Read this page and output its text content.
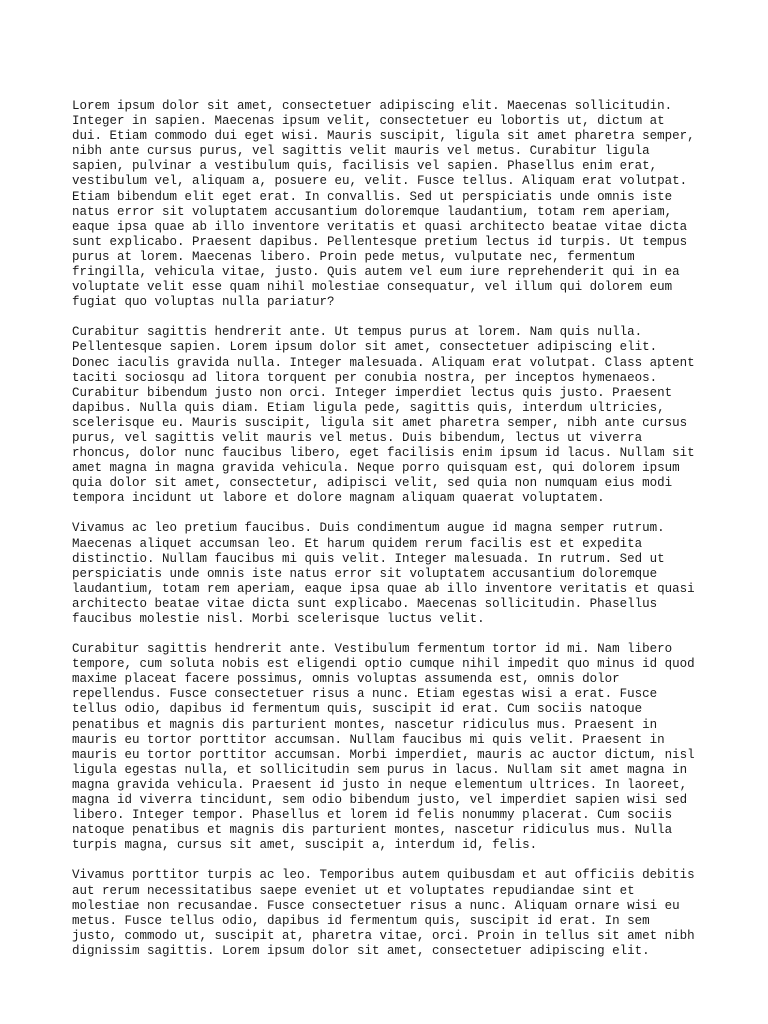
Lorem ipsum dolor sit amet, consectetuer adipiscing elit. Maecenas sollicitudin.
Integer in sapien. Maecenas ipsum velit, consectetuer eu lobortis ut, dictum at
dui. Etiam commodo dui eget wisi. Mauris suscipit, ligula sit amet pharetra semper,
nibh ante cursus purus, vel sagittis velit mauris vel metus. Curabitur ligula
sapien, pulvinar a vestibulum quis, facilisis vel sapien. Phasellus enim erat,
vestibulum vel, aliquam a, posuere eu, velit. Fusce tellus. Aliquam erat volutpat.
Etiam bibendum elit eget erat. In convallis. Sed ut perspiciatis unde omnis iste
natus error sit voluptatem accusantium doloremque laudantium, totam rem aperiam,
eaque ipsa quae ab illo inventore veritatis et quasi architecto beatae vitae dicta
sunt explicabo. Praesent dapibus. Pellentesque pretium lectus id turpis. Ut tempus
purus at lorem. Maecenas libero. Proin pede metus, vulputate nec, fermentum
fringilla, vehicula vitae, justo. Quis autem vel eum iure reprehenderit qui in ea
voluptate velit esse quam nihil molestiae consequatur, vel illum qui dolorem eum
fugiat quo voluptas nulla pariatur?

Curabitur sagittis hendrerit ante. Ut tempus purus at lorem. Nam quis nulla.
Pellentesque sapien. Lorem ipsum dolor sit amet, consectetuer adipiscing elit.
Donec iaculis gravida nulla. Integer malesuada. Aliquam erat volutpat. Class aptent
taciti sociosqu ad litora torquent per conubia nostra, per inceptos hymenaeos.
Curabitur bibendum justo non orci. Integer imperdiet lectus quis justo. Praesent
dapibus. Nulla quis diam. Etiam ligula pede, sagittis quis, interdum ultricies,
scelerisque eu. Mauris suscipit, ligula sit amet pharetra semper, nibh ante cursus
purus, vel sagittis velit mauris vel metus. Duis bibendum, lectus ut viverra
rhoncus, dolor nunc faucibus libero, eget facilisis enim ipsum id lacus. Nullam sit
amet magna in magna gravida vehicula. Neque porro quisquam est, qui dolorem ipsum
quia dolor sit amet, consectetur, adipisci velit, sed quia non numquam eius modi
tempora incidunt ut labore et dolore magnam aliquam quaerat voluptatem.

Vivamus ac leo pretium faucibus. Duis condimentum augue id magna semper rutrum.
Maecenas aliquet accumsan leo. Et harum quidem rerum facilis est et expedita
distinctio. Nullam faucibus mi quis velit. Integer malesuada. In rutrum. Sed ut
perspiciatis unde omnis iste natus error sit voluptatem accusantium doloremque
laudantium, totam rem aperiam, eaque ipsa quae ab illo inventore veritatis et quasi
architecto beatae vitae dicta sunt explicabo. Maecenas sollicitudin. Phasellus
faucibus molestie nisl. Morbi scelerisque luctus velit.

Curabitur sagittis hendrerit ante. Vestibulum fermentum tortor id mi. Nam libero
tempore, cum soluta nobis est eligendi optio cumque nihil impedit quo minus id quod
maxime placeat facere possimus, omnis voluptas assumenda est, omnis dolor
repellendus. Fusce consectetuer risus a nunc. Etiam egestas wisi a erat. Fusce
tellus odio, dapibus id fermentum quis, suscipit id erat. Cum sociis natoque
penatibus et magnis dis parturient montes, nascetur ridiculus mus. Praesent in
mauris eu tortor porttitor accumsan. Nullam faucibus mi quis velit. Praesent in
mauris eu tortor porttitor accumsan. Morbi imperdiet, mauris ac auctor dictum, nisl
ligula egestas nulla, et sollicitudin sem purus in lacus. Nullam sit amet magna in
magna gravida vehicula. Praesent id justo in neque elementum ultrices. In laoreet,
magna id viverra tincidunt, sem odio bibendum justo, vel imperdiet sapien wisi sed
libero. Integer tempor. Phasellus et lorem id felis nonummy placerat. Cum sociis
natoque penatibus et magnis dis parturient montes, nascetur ridiculus mus. Nulla
turpis magna, cursus sit amet, suscipit a, interdum id, felis.

Vivamus porttitor turpis ac leo. Temporibus autem quibusdam et aut officiis debitis
aut rerum necessitatibus saepe eveniet ut et voluptates repudiandae sint et
molestiae non recusandae. Fusce consectetuer risus a nunc. Aliquam ornare wisi eu
metus. Fusce tellus odio, dapibus id fermentum quis, suscipit id erat. In sem
justo, commodo ut, suscipit at, pharetra vitae, orci. Proin in tellus sit amet nibh
dignissim sagittis. Lorem ipsum dolor sit amet, consectetuer adipiscing elit.
